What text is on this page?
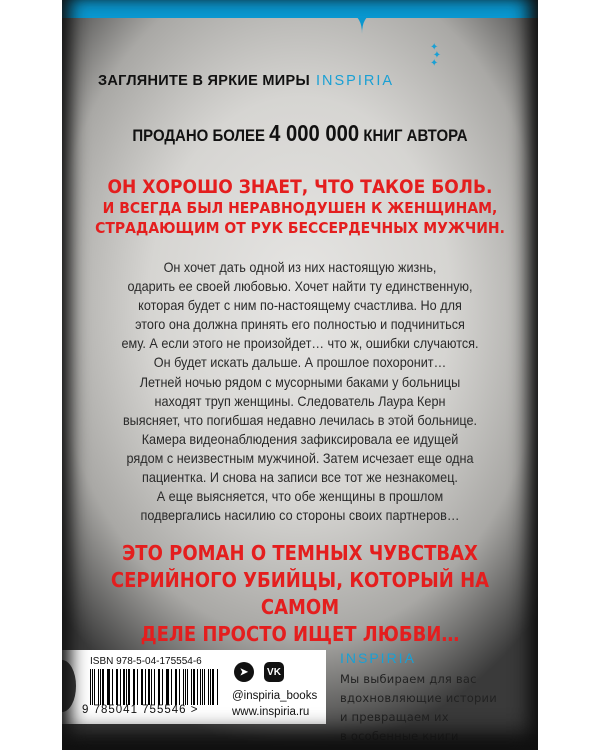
✦
✦
✦
ЗАГЛЯНИТЕ В ЯРКИЕ МИРЫ INSPIRIA
ПРОДАНО БОЛЕЕ 4 000 000 КНИГ АВТОРА
ОН ХОРОШО ЗНАЕТ, ЧТО ТАКОЕ БОЛЬ.
И ВСЕГДА БЫЛ НЕРАВНОДУШЕН К ЖЕНЩИНАМ,
СТРАДАЮЩИМ ОТ РУК БЕССЕРДЕЧНЫХ МУЖЧИН.
Он хочет дать одной из них настоящую жизнь,
одарить ее своей любовью. Хочет найти ту единственную,
которая будет с ним по-настоящему счастлива. Но для
этого она должна принять его полностью и подчиниться
ему. А если этого не произойдет… что ж, ошибки случаются.
Он будет искать дальше. А прошлое похоронит…
Летней ночью рядом с мусорными баками у больницы
находят труп женщины. Следователь Лаура Керн
выясняет, что погибшая недавно лечилась в этой больнице.
Камера видеонаблюдения зафиксировала ее идущей
рядом с неизвестным мужчиной. Затем исчезает еще одна
пациентка. И снова на записи все тот же незнакомец.
А еще выясняется, что обе женщины в прошлом
подвергались насилию со стороны своих партнеров…
ЭТО РОМАН О ТЕМНЫХ ЧУВСТВАХ
СЕРИЙНОГО УБИЙЦЫ, КОТОРЫЙ НА САМОМ
ДЕЛЕ ПРОСТО ИЩЕТ ЛЮБВИ…
ISBN 978-5-04-175554-6
9 785041 755546 >
➤	VK
@inspiria_books
www.inspiria.ru
INSPIRIA
Мы выбираем для вас
вдохновляющие истории
и превращаем их
в особенные книги
